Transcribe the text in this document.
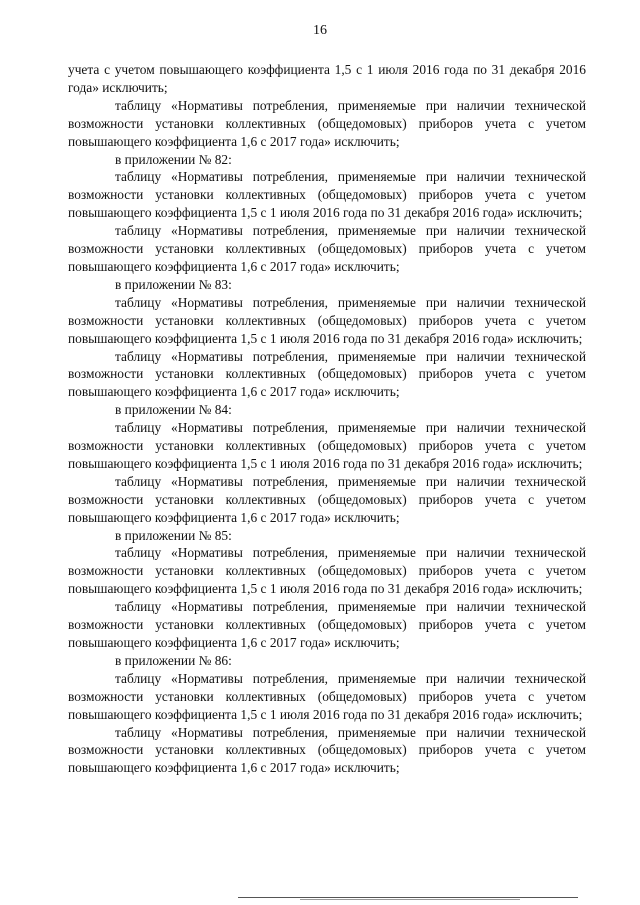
16

учета с учетом повышающего коэффициента 1,5 с 1 июля 2016 года по 31 декабря 2016 года» исключить;

таблицу «Нормативы потребления, применяемые при наличии технической возможности установки коллективных (общедомовых) приборов учета с учетом повышающего коэффициента 1,6 с 2017 года» исключить;

в приложении № 82:

таблицу «Нормативы потребления, применяемые при наличии технической возможности установки коллективных (общедомовых) приборов учета с учетом повышающего коэффициента 1,5 с 1 июля 2016 года по 31 декабря 2016 года» исключить;

таблицу «Нормативы потребления, применяемые при наличии технической возможности установки коллективных (общедомовых) приборов учета с учетом повышающего коэффициента 1,6 с 2017 года» исключить;

в приложении № 83:

таблицу «Нормативы потребления, применяемые при наличии технической возможности установки коллективных (общедомовых) приборов учета с учетом повышающего коэффициента 1,5 с 1 июля 2016 года по 31 декабря 2016 года» исключить;

таблицу «Нормативы потребления, применяемые при наличии технической возможности установки коллективных (общедомовых) приборов учета с учетом повышающего коэффициента 1,6 с 2017 года» исключить;

в приложении № 84:

таблицу «Нормативы потребления, применяемые при наличии технической возможности установки коллективных (общедомовых) приборов учета с учетом повышающего коэффициента 1,5 с 1 июля 2016 года по 31 декабря 2016 года» исключить;

таблицу «Нормативы потребления, применяемые при наличии технической возможности установки коллективных (общедомовых) приборов учета с учетом повышающего коэффициента 1,6 с 2017 года» исключить;

в приложении № 85:

таблицу «Нормативы потребления, применяемые при наличии технической возможности установки коллективных (общедомовых) приборов учета с учетом повышающего коэффициента 1,5 с 1 июля 2016 года по 31 декабря 2016 года» исключить;

таблицу «Нормативы потребления, применяемые при наличии технической возможности установки коллективных (общедомовых) приборов учета с учетом повышающего коэффициента 1,6 с 2017 года» исключить;

в приложении № 86:

таблицу «Нормативы потребления, применяемые при наличии технической возможности установки коллективных (общедомовых) приборов учета с учетом повышающего коэффициента 1,5 с 1 июля 2016 года по 31 декабря 2016 года» исключить;

таблицу «Нормативы потребления, применяемые при наличии технической возможности установки коллективных (общедомовых) приборов учета с учетом повышающего коэффициента 1,6 с 2017 года» исключить;
